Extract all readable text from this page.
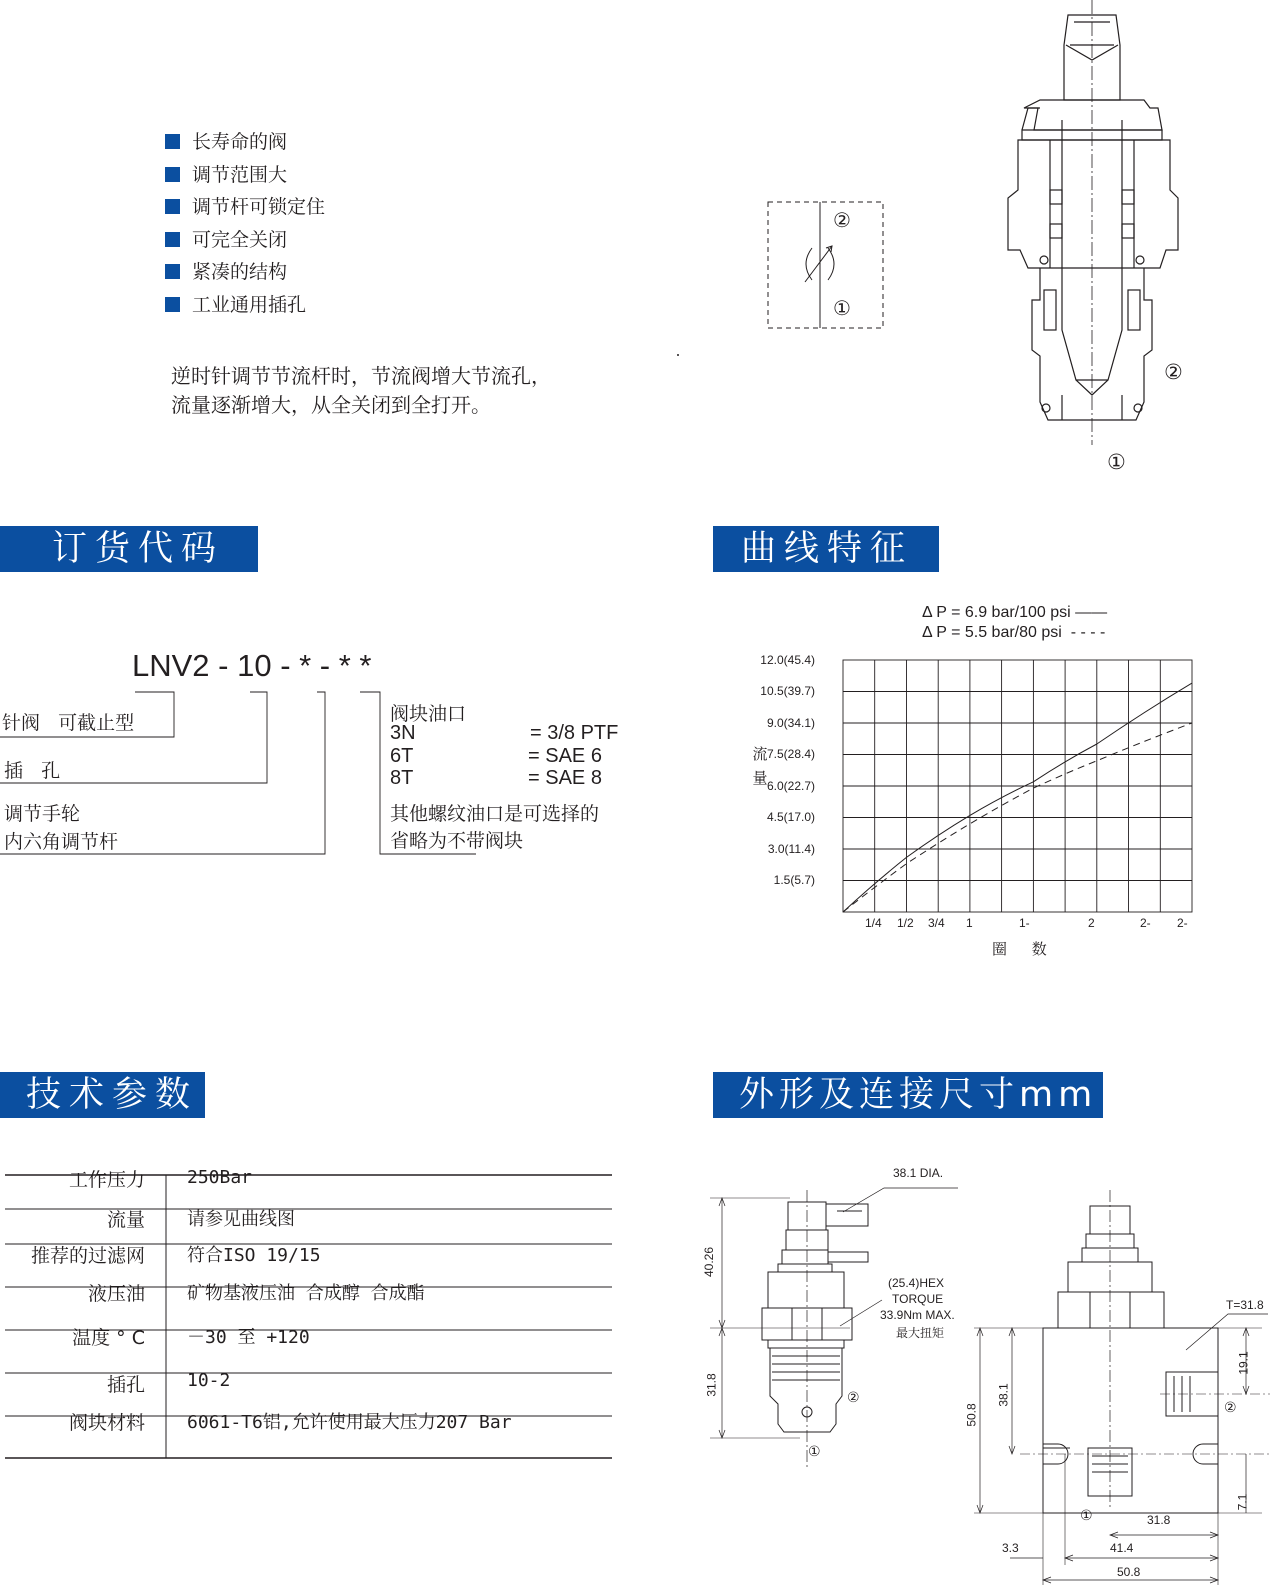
长寿命的阀
调节范围大
调节杆可锁定住
可完全关闭
紧凑的结构
工业通用插孔
逆时针调节节流杆时，节流阀增大节流孔，
流量逐渐增大，从全关闭到全打开。
②
①
②
①
订货代码	曲线特征
技术参数	外形及连接尺寸mm
LNV2 - 10 - * - * *
针阀   可截止型
插   孔
调节手轮
内六角调节杆
阀块油口
3N	= 3/8 PTF
6T	= SAE 6
8T	= SAE 8
其他螺纹油口是可选择的
省略为不带阀块
Δ P = 6.9 bar/100 psi ——
Δ P = 5.5 bar/80 psi  - - - -
12.0(45.4)
10.5(39.7)
9.0(34.1)
7.5(28.4)
6.0(22.7)
4.5(17.0)
3.0(11.4)
1.5(5.7)
流 量
1/4 1/2 3/4 1	1-	2	2- 2-
圈 数
工作压力 250Bar
流量 请参见曲线图
推荐的过滤网 符合ISO 19/15
液压油 矿物基液压油 合成醇 合成酯
温度 ° C －30 至 +120
插孔 10-2
阀块材料 6061-T6铝,允许使用最大压力207 Bar
38.1 DIA.
(25.4)HEX
TORQUE
33.9Nm MAX.
最大扭矩
40.26
31.8
②
①
T=31.8
50.8
38.1
19.1
7.1
②
①	31.8
41.4
3.3
50.8
